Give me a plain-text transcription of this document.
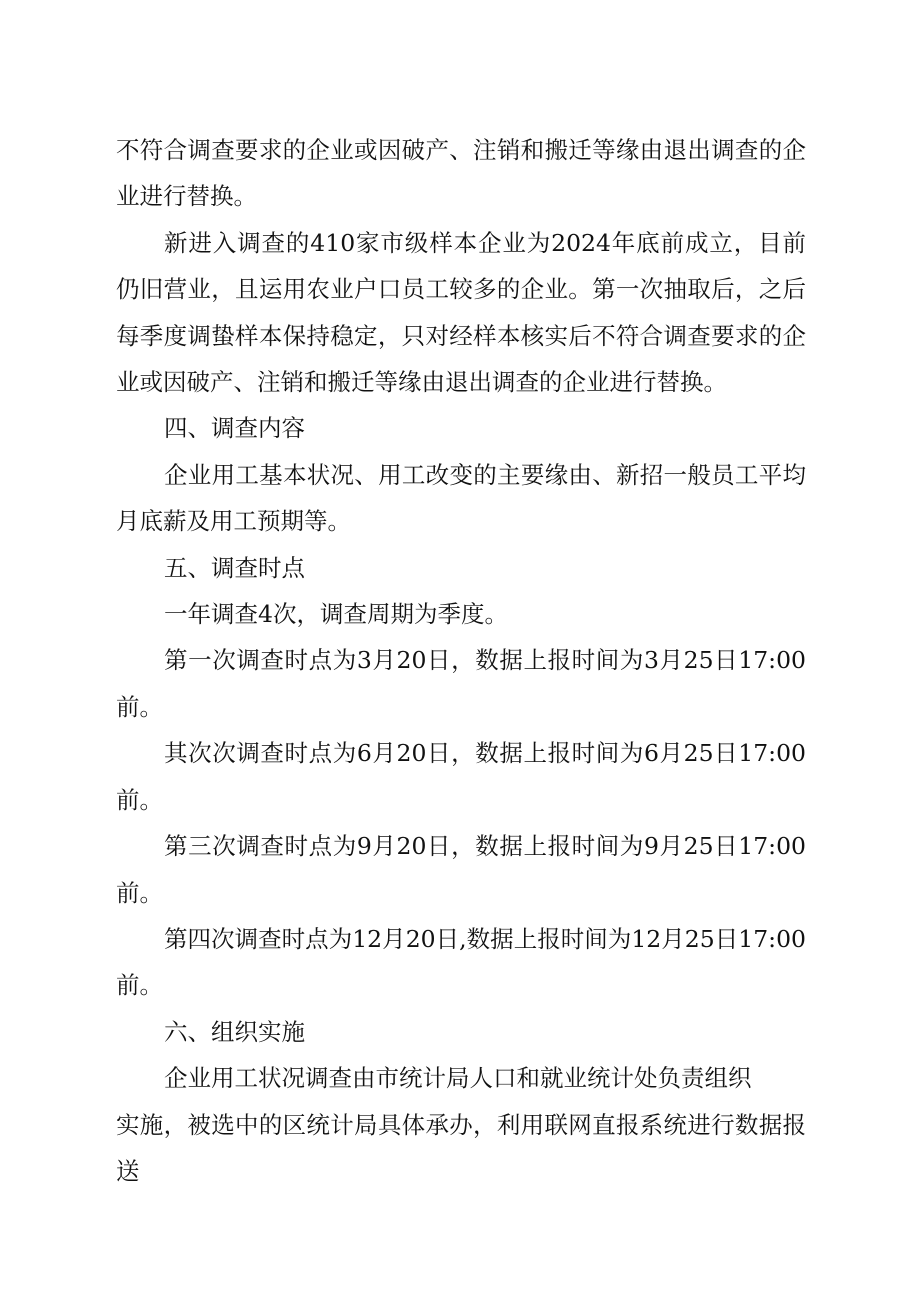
不符合调查要求的企业或因破产、注销和搬迁等缘由退出调查的企业进行替换。

新进入调查的410家市级样本企业为2024年底前成立，目前仍旧营业，且运用农业户口员工较多的企业。第一次抽取后，之后每季度调蛰样本保持稳定，只对经样本核实后不符合调查要求的企业或因破产、注销和搬迁等缘由退出调查的企业进行替换。

四、调查内容

企业用工基本状况、用工改变的主要缘由、新招一般员工平均月底薪及用工预期等。

五、调查时点

一年调查4次，调查周期为季度。

第一次调查时点为3月20日，数据上报时间为3月25日17:00前。

其次次调查时点为6月20日，数据上报时间为6月25日17:00前。

第三次调查时点为9月20日，数据上报时间为9月25日17:00前。

第四次调查时点为12月20日,数据上报时间为12月25日17:00前。

六、组织实施

企业用工状况调查由市统计局人口和就业统计处负责组织

实施，被选中的区统计局具体承办，利用联网直报系统进行数据报送
